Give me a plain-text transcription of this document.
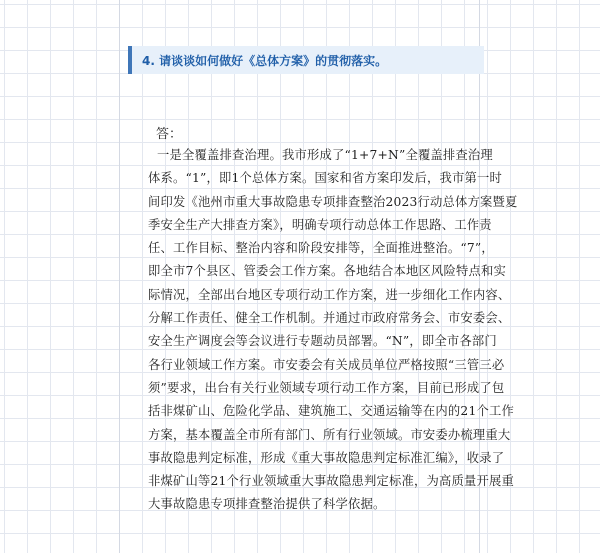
4. 请谈谈如何做好《总体方案》的贯彻落实。
答：
一是全覆盖排查治理。我市形成了“1+7+N”全覆盖排查治理
体系。“1”，即1个总体方案。国家和省方案印发后，我市第一时
间印发《池州市重大事故隐患专项排查整治2023行动总体方案暨夏
季安全生产大排查方案》，明确专项行动总体工作思路、工作责
任、工作目标、整治内容和阶段安排等，全面推进整治。“7”，
即全市7个县区、管委会工作方案。各地结合本地区风险特点和实
际情况，全部出台地区专项行动工作方案，进一步细化工作内容、
分解工作责任、健全工作机制。并通过市政府常务会、市安委会、
安全生产调度会等会议进行专题动员部署。“N”，即全市各部门
各行业领域工作方案。市安委会有关成员单位严格按照“三管三必
须”要求，出台有关行业领域专项行动工作方案，目前已形成了包
括非煤矿山、危险化学品、建筑施工、交通运输等在内的21个工作
方案，基本覆盖全市所有部门、所有行业领域。市安委办梳理重大
事故隐患判定标准，形成《重大事故隐患判定标准汇编》，收录了
非煤矿山等21个行业领域重大事故隐患判定标准，为高质量开展重
大事故隐患专项排查整治提供了科学依据。
